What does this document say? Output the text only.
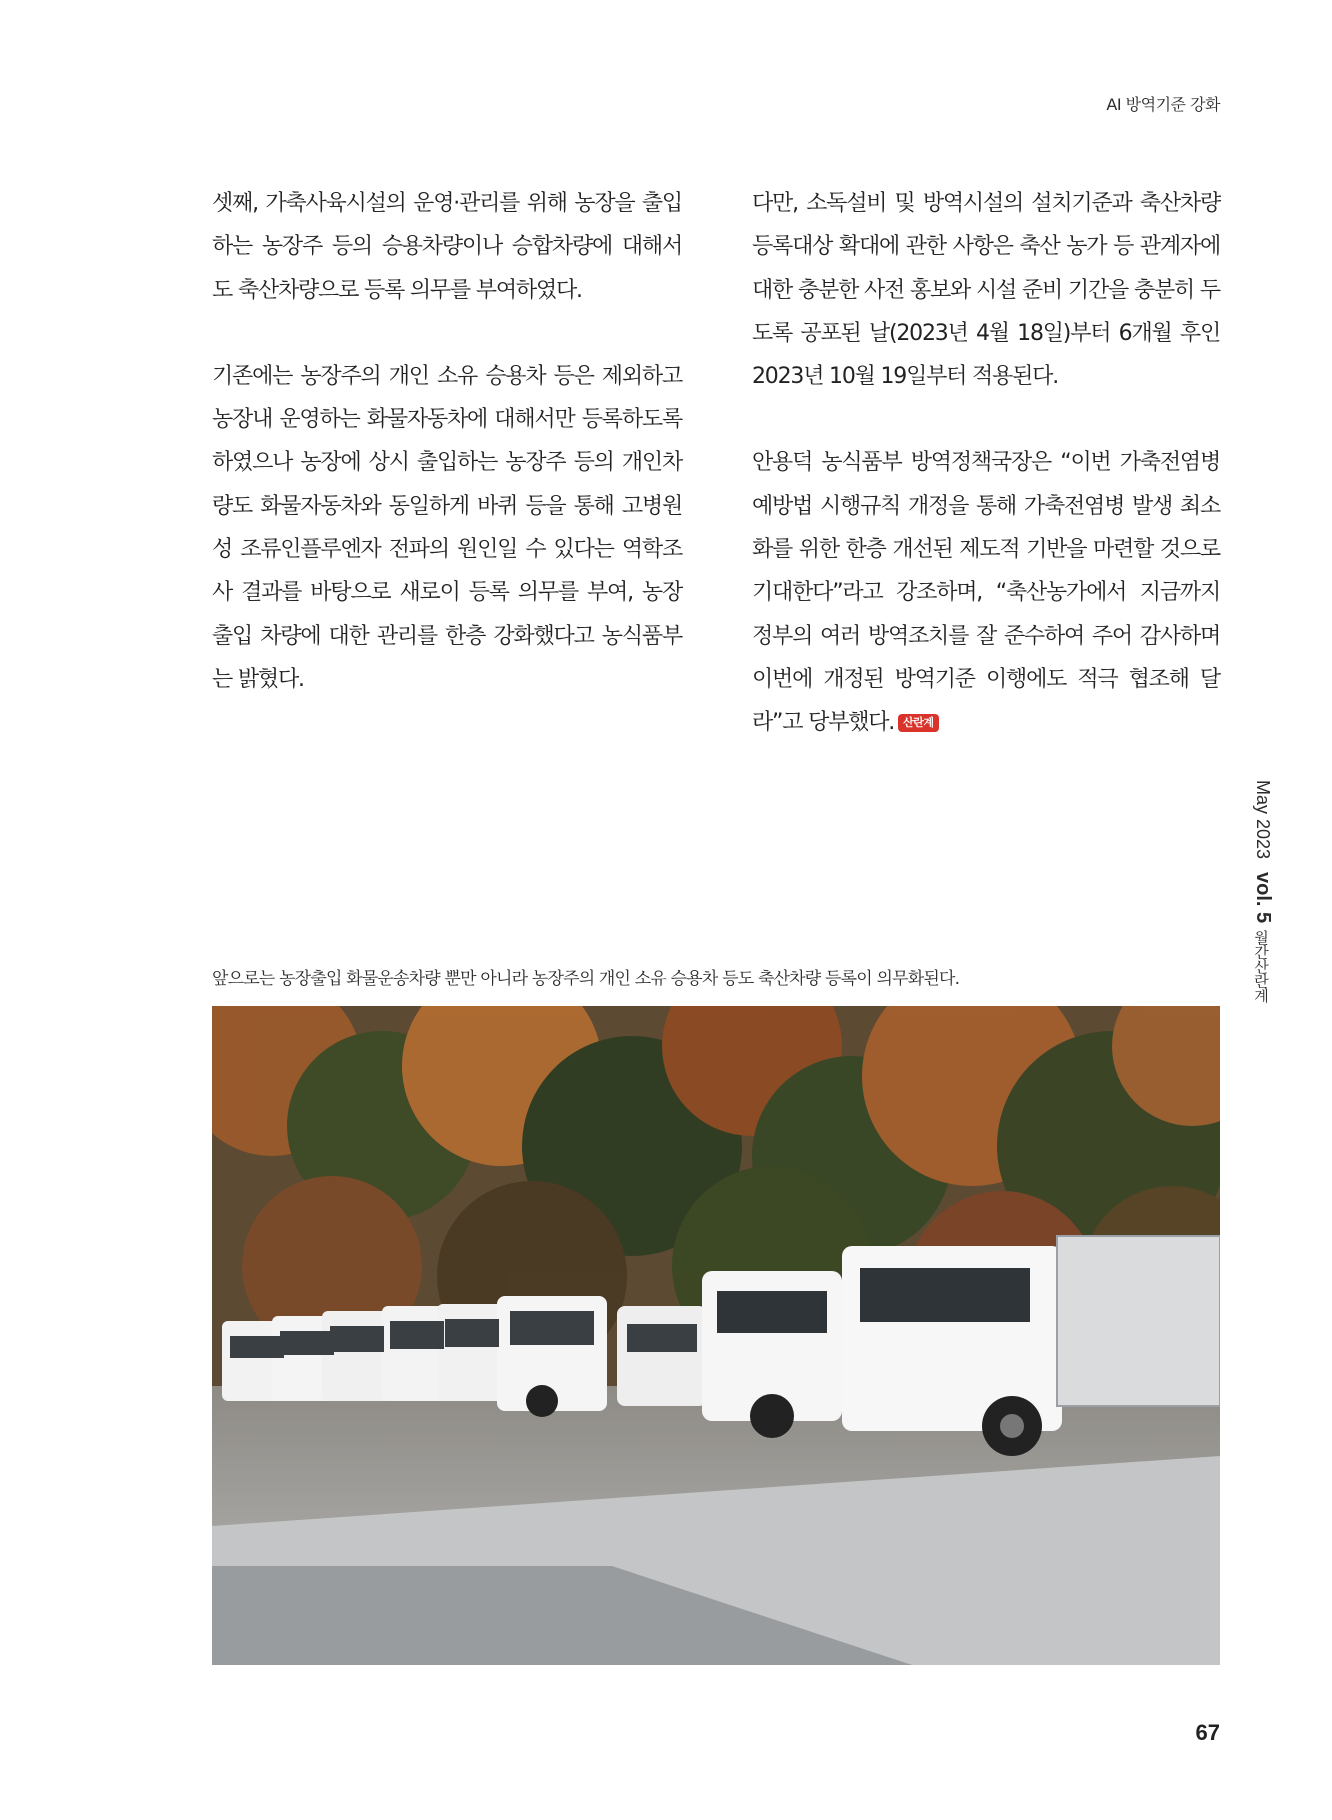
AI 방역기준 강화

셋째, 가축사육시설의 운영·관리를 위해 농장을 출입하는 농장주 등의 승용차량이나 승합차량에 대해서도 축산차량으로 등록 의무를 부여하였다.

기존에는 농장주의 개인 소유 승용차 등은 제외하고 농장내 운영하는 화물자동차에 대해서만 등록하도록 하였으나 농장에 상시 출입하는 농장주 등의 개인차량도 화물자동차와 동일하게 바퀴 등을 통해 고병원성 조류인플루엔자 전파의 원인일 수 있다는 역학조사 결과를 바탕으로 새로이 등록 의무를 부여, 농장 출입 차량에 대한 관리를 한층 강화했다고 농식품부는 밝혔다.

다만, 소독설비 및 방역시설의 설치기준과 축산차량 등록대상 확대에 관한 사항은 축산 농가 등 관계자에 대한 충분한 사전 홍보와 시설 준비 기간을 충분히 두도록 공포된 날(2023년 4월 18일)부터 6개월 후인 2023년 10월 19일부터 적용된다.

안용덕 농식품부 방역정책국장은 “이번 가축전염병 예방법 시행규칙 개정을 통해 가축전염병 발생 최소화를 위한 한층 개선된 제도적 기반을 마련할 것으로 기대한다”라고 강조하며, “축산농가에서 지금까지 정부의 여러 방역조치를 잘 준수하여 주어 감사하며 이번에 개정된 방역기준 이행에도 적극 협조해 달라”고 당부했다. 산란계

앞으로는 농장출입 화물운송차량 뿐만 아니라 농장주의 개인 소유 승용차 등도 축산차량 등록이 의무화된다.
May 2023 vol. 5
월간산란계
67
